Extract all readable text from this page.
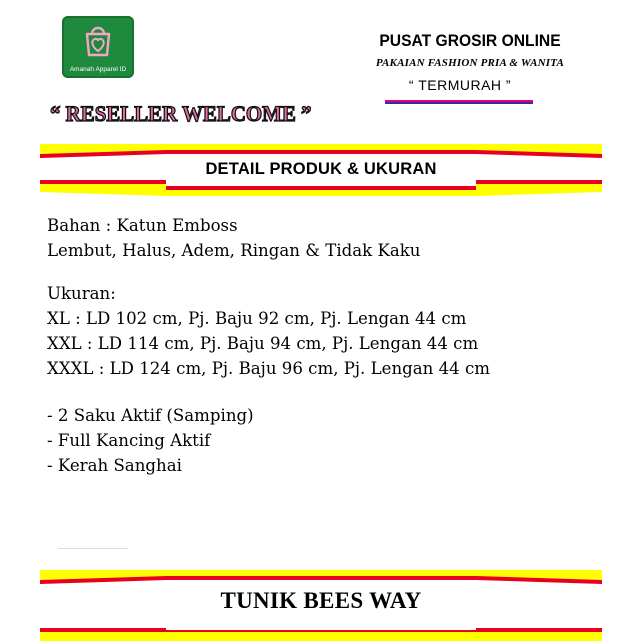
Amanah Apparel ID
PUSAT GROSIR ONLINE
PAKAIAN FASHION PRIA & WANITA
“ TERMURAH ”
“ RESELLER WELCOME ”
DETAIL PRODUK & UKURAN
Bahan : Katun Emboss
Lembut, Halus, Adem, Ringan & Tidak Kaku
Ukuran:
XL : LD 102 cm, Pj. Baju 92 cm, Pj. Lengan 44 cm
XXL : LD 114 cm, Pj. Baju 94 cm, Pj. Lengan 44 cm
XXXL : LD 124 cm, Pj. Baju 96 cm, Pj. Lengan 44 cm
- 2 Saku Aktif (Samping)
- Full Kancing Aktif
- Kerah Sanghai
TUNIK BEES WAY
